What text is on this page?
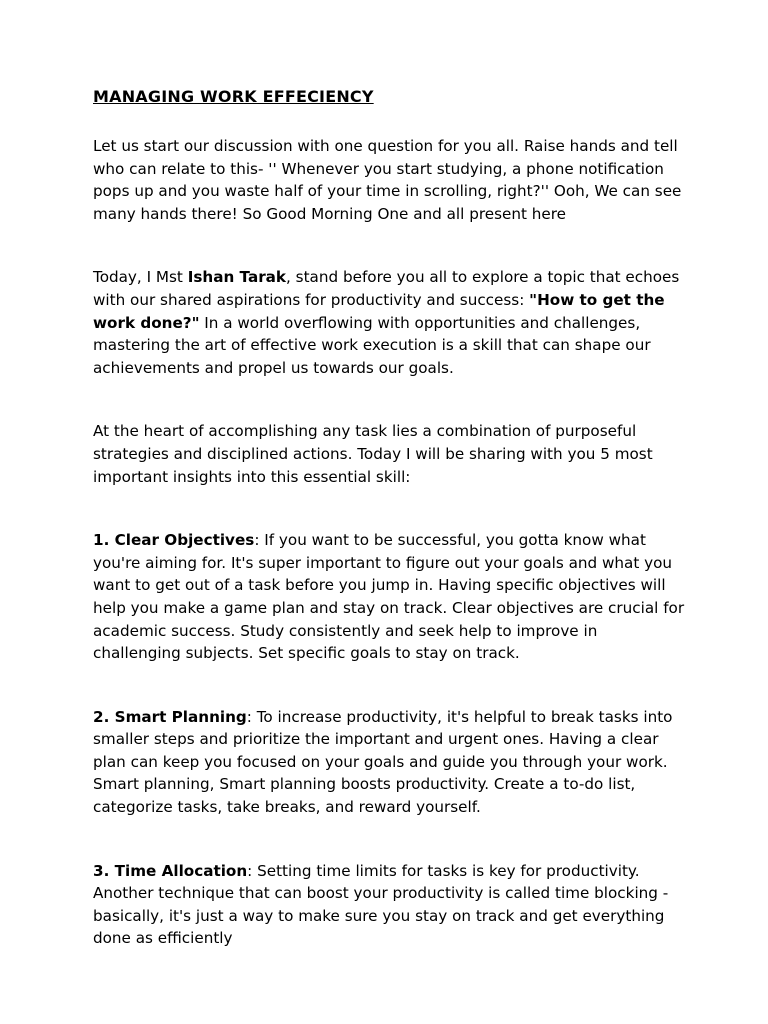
MANAGING WORK EFFECIENCY

Let us start our discussion with one question for you all. Raise hands and tell who can relate to this- '' Whenever you start studying, a phone notification pops up and you waste half of your time in scrolling, right?'' Ooh, We can see many hands there! So Good Morning One and all present here

Today, I Mst Ishan Tarak, stand before you all to explore a topic that echoes with our shared aspirations for productivity and success: "How to get the work done?" In a world overflowing with opportunities and challenges, mastering the art of effective work execution is a skill that can shape our achievements and propel us towards our goals.

At the heart of accomplishing any task lies a combination of purposeful strategies and disciplined actions. Today I will be sharing with you 5 most important insights into this essential skill:

1. Clear Objectives: If you want to be successful, you gotta know what you're aiming for. It's super important to figure out your goals and what you want to get out of a task before you jump in. Having specific objectives will help you make a game plan and stay on track. Clear objectives are crucial for academic success. Study consistently and seek help to improve in challenging subjects. Set specific goals to stay on track.

2. Smart Planning: To increase productivity, it's helpful to break tasks into smaller steps and prioritize the important and urgent ones. Having a clear plan can keep you focused on your goals and guide you through your work. Smart planning, Smart planning boosts productivity. Create a to-do list, categorize tasks, take breaks, and reward yourself.

3. Time Allocation: Setting time limits for tasks is key for productivity. Another technique that can boost your productivity is called time blocking - basically, it's just a way to make sure you stay on track and get everything done as efficiently
